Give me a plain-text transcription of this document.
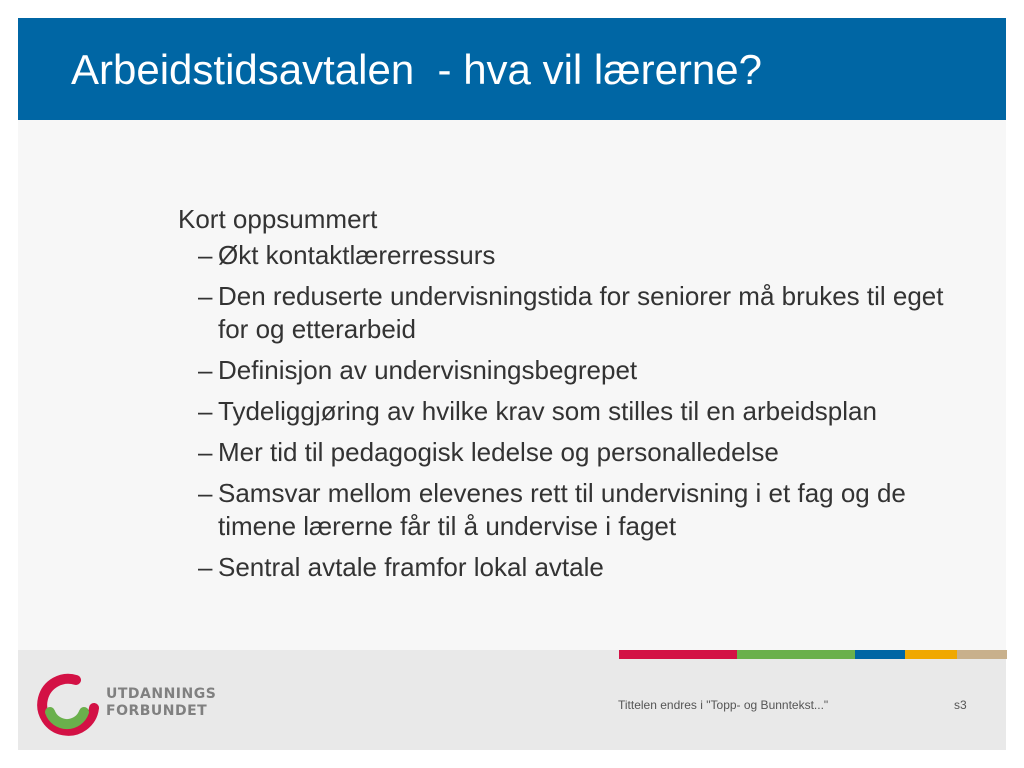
Arbeidstidsavtalen  - hva vil lærerne?

Kort oppsummert

– Økt kontaktlærerressurs
– Den reduserte undervisningstida for seniorer må brukes til eget for og etterarbeid
– Definisjon av undervisningsbegrepet
– Tydeliggjøring av hvilke krav som stilles til en arbeidsplan
– Mer tid til pedagogisk ledelse og personalledelse
– Samsvar mellom elevenes rett til undervisning i et fag og de timene lærerne får til å undervise i faget
– Sentral avtale framfor lokal avtale
UTDANNINGS
FORBUNDET	Tittelen endres i "Topp- og Bunntekst..."	s3
